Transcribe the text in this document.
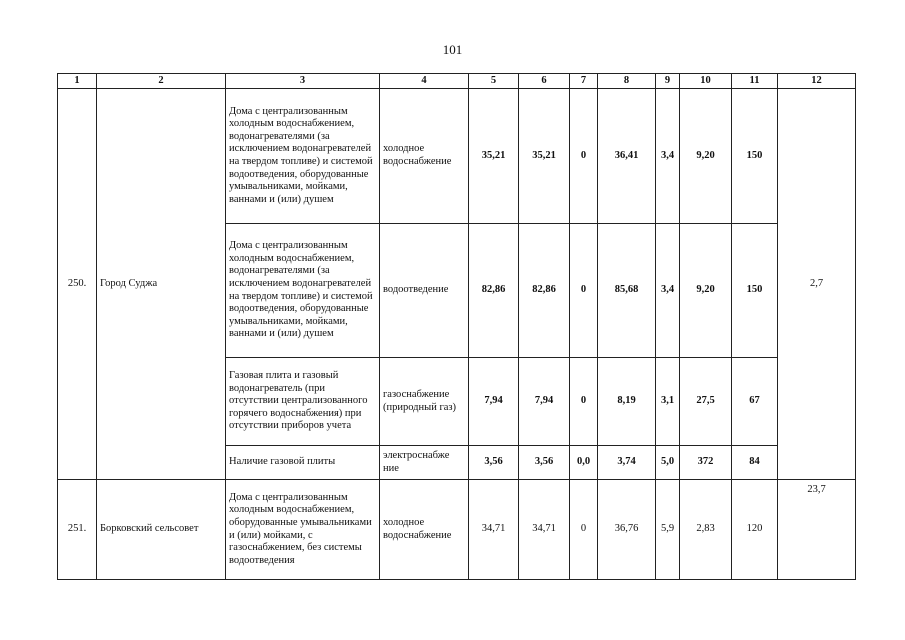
101
1	2	3	4	5	6	7	8	9	10	11	12
250.	Город Суджа	Дома с централизованным холодным водоснабжением, водонагревателями (за исключением водонагревателей на твердом топливе) и системой водоотведения, оборудованные умывальниками, мойками, ваннами и (или) душем	холодное водоснабжение	35,21	35,21	0	36,41	3,4	9,20	150	2,7
		Дома с централизованным холодным водоснабжением, водонагревателями (за исключением водонагревателей на твердом топливе) и системой водоотведения, оборудованные умывальниками, мойками, ваннами и (или) душем	водоотведение	82,86	82,86	0	85,68	3,4	9,20	150	
		Газовая плита и газовый водонагреватель (при отсутствии централизованного горячего водоснабжения) при отсутствии приборов учета	газоснабжение (природный газ)	7,94	7,94	0	8,19	3,1	27,5	67	
		Наличие газовой плиты	электроснабже ние	3,56	3,56	0,0	3,74	5,0	372	84	
251.	Борковский сельсовет	Дома с централизованным холодным водоснабжением, оборудованные умывальниками и (или) мойками, с газоснабжением, без системы водоотведения	холодное водоснабжение	34,71	34,71	0	36,76	5,9	2,83	120	23,7
